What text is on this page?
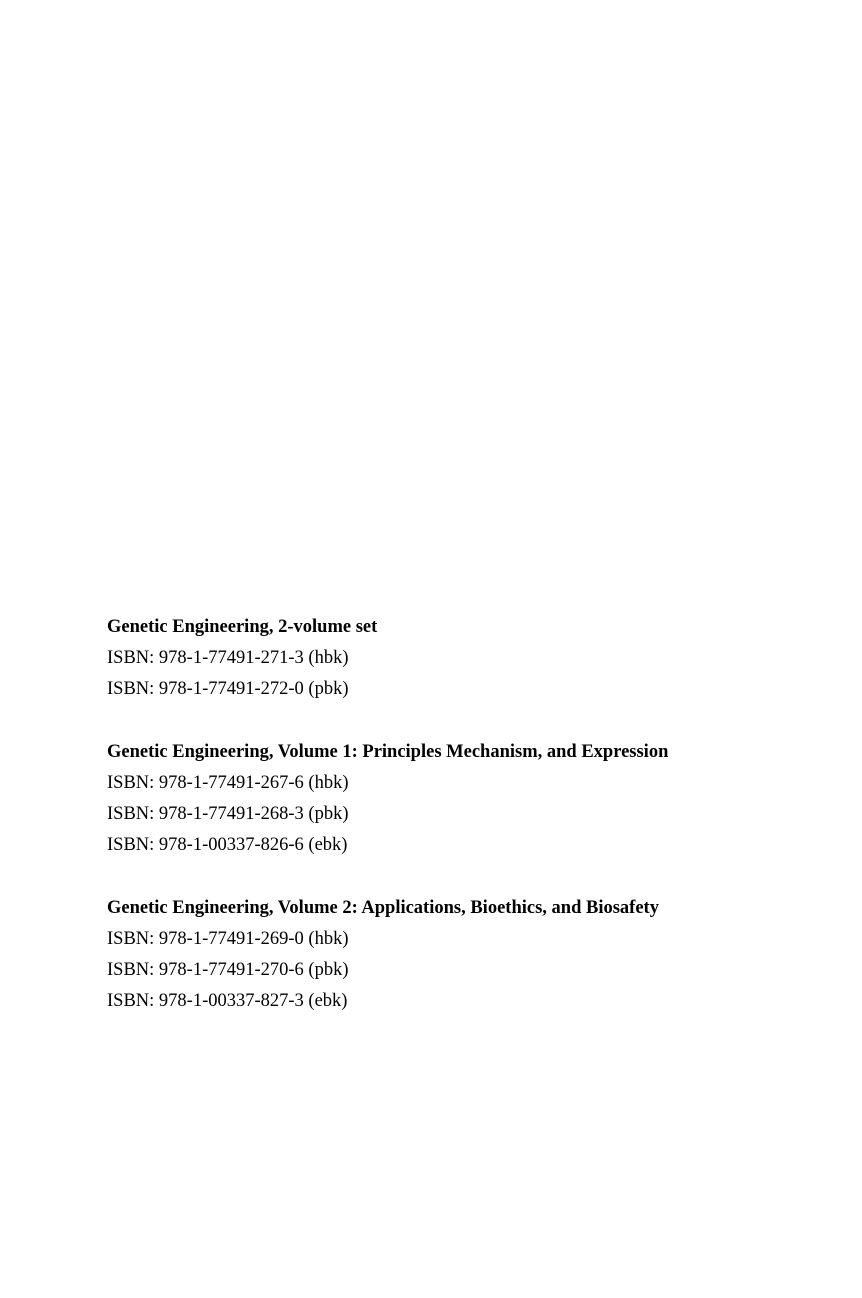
Genetic Engineering, 2-volume set
ISBN: 978-1-77491-271-3 (hbk)
ISBN: 978-1-77491-272-0 (pbk)
Genetic Engineering, Volume 1: Principles Mechanism, and Expression
ISBN: 978-1-77491-267-6 (hbk)
ISBN: 978-1-77491-268-3 (pbk)
ISBN: 978-1-00337-826-6 (ebk)
Genetic Engineering, Volume 2: Applications, Bioethics, and Biosafety
ISBN: 978-1-77491-269-0 (hbk)
ISBN: 978-1-77491-270-6 (pbk)
ISBN: 978-1-00337-827-3 (ebk)
